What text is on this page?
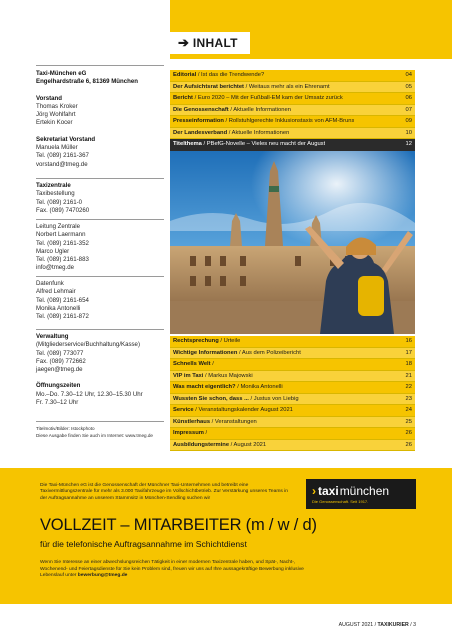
➔ INHALT
Taxi-München eG
Engelhardstraße 6, 81369 München
Vorstand
Thomas Kroker
Jörg Wohlfahrt
Ertekin Kocer
Sekretariat Vorstand
Manuela Müller
Tel. (089) 2161-367
vorstand@tmeg.de
Taxizentrale
Taxibestellung
Tel. (089) 2161-0
Fax. (089) 7470260
Leitung Zentrale
Norbert Laermann
Tel. (089) 2161-352
Marco Ugler
Tel. (089) 2161-883
info@tmeg.de
Datenfunk
Alfred Lehmair
Tel. (089) 2161-654
Monika Antonelli
Tel. (089) 2161-872
Verwaltung
(Mitgliederservice/Buchhaltung/Kasse)
Tel. (089) 773077
Fax. (089) 772662
jaegen@tmeg.de
Öffnungszeiten
Mo.–Do. 7.30–12 Uhr, 12.30–15.30 Uhr
Fr. 7.30–12 Uhr
Titelmotiv/Bilder: Istockphoto
Diese Ausgabe finden Sie auch im Internet: www.tmeg.de
Editorial / Ist das die Trendwende?	04
Der Aufsichtsrat berichtet / Weitaus mehr als ein Ehrenamt	05
Bericht / Euro 2020 – Mit der Fußball-EM kam der Umsatz zurück	06
Die Genossenschaft / Aktuelle Informationen	07
Presseinformation / Rollstuhlgerechte Inklusionstaxis von AFM-Bruns	09
Der Landesverband / Aktuelle Informationen	10
Titelthema / PBefG-Novelle – Vieles neu macht der August	12
Rechtsprechung / Urteile	16
Wichtige Informationen / Aus dem Polizeibericht	17
Schnells Welt /	18
VIP im Taxi / Markus Majowski	21
Was macht eigentlich? / Monika Antonelli	22
Wussten Sie schon, dass ... / Justus von Liebig	23
Service / Veranstaltungskalender August 2021	24
Künstlerhaus / Veranstaltungen	25
Impressum /	26
Ausbildungstermine / August 2021	26
Die Taxi-München eG ist die Genossenschaft der Münchner Taxi-Unternehmen und betreibt eine Taxivermittlungszentrale für mehr als 3.000 Taxifahrzeuge im Vollschichtbetrieb. Zur Verstärkung unseres Teams in der Auftragsannahme an unserem Stammsitz in München-Sendling suchen wir
› taximünchen
Die Genossenschaft. Seit 1917.
VOLLZEIT – MITARBEITER (m / w / d)
für die telefonische Auftragsannahme im Schichtdienst
Wenn Sie Interesse an einer abwechslungsreichen Tätigkeit in einer modernen Taxizentrale haben, und Spät-, Nacht-, Wochenend- und Feiertagsdienste für Sie kein Problem sind, freuen wir uns auf Ihre aussagekräftige Bewerbung inklusive Lebenslauf unter bewerbung@tmeg.de
AUGUST 2021 / TAXIKURIER / 3
